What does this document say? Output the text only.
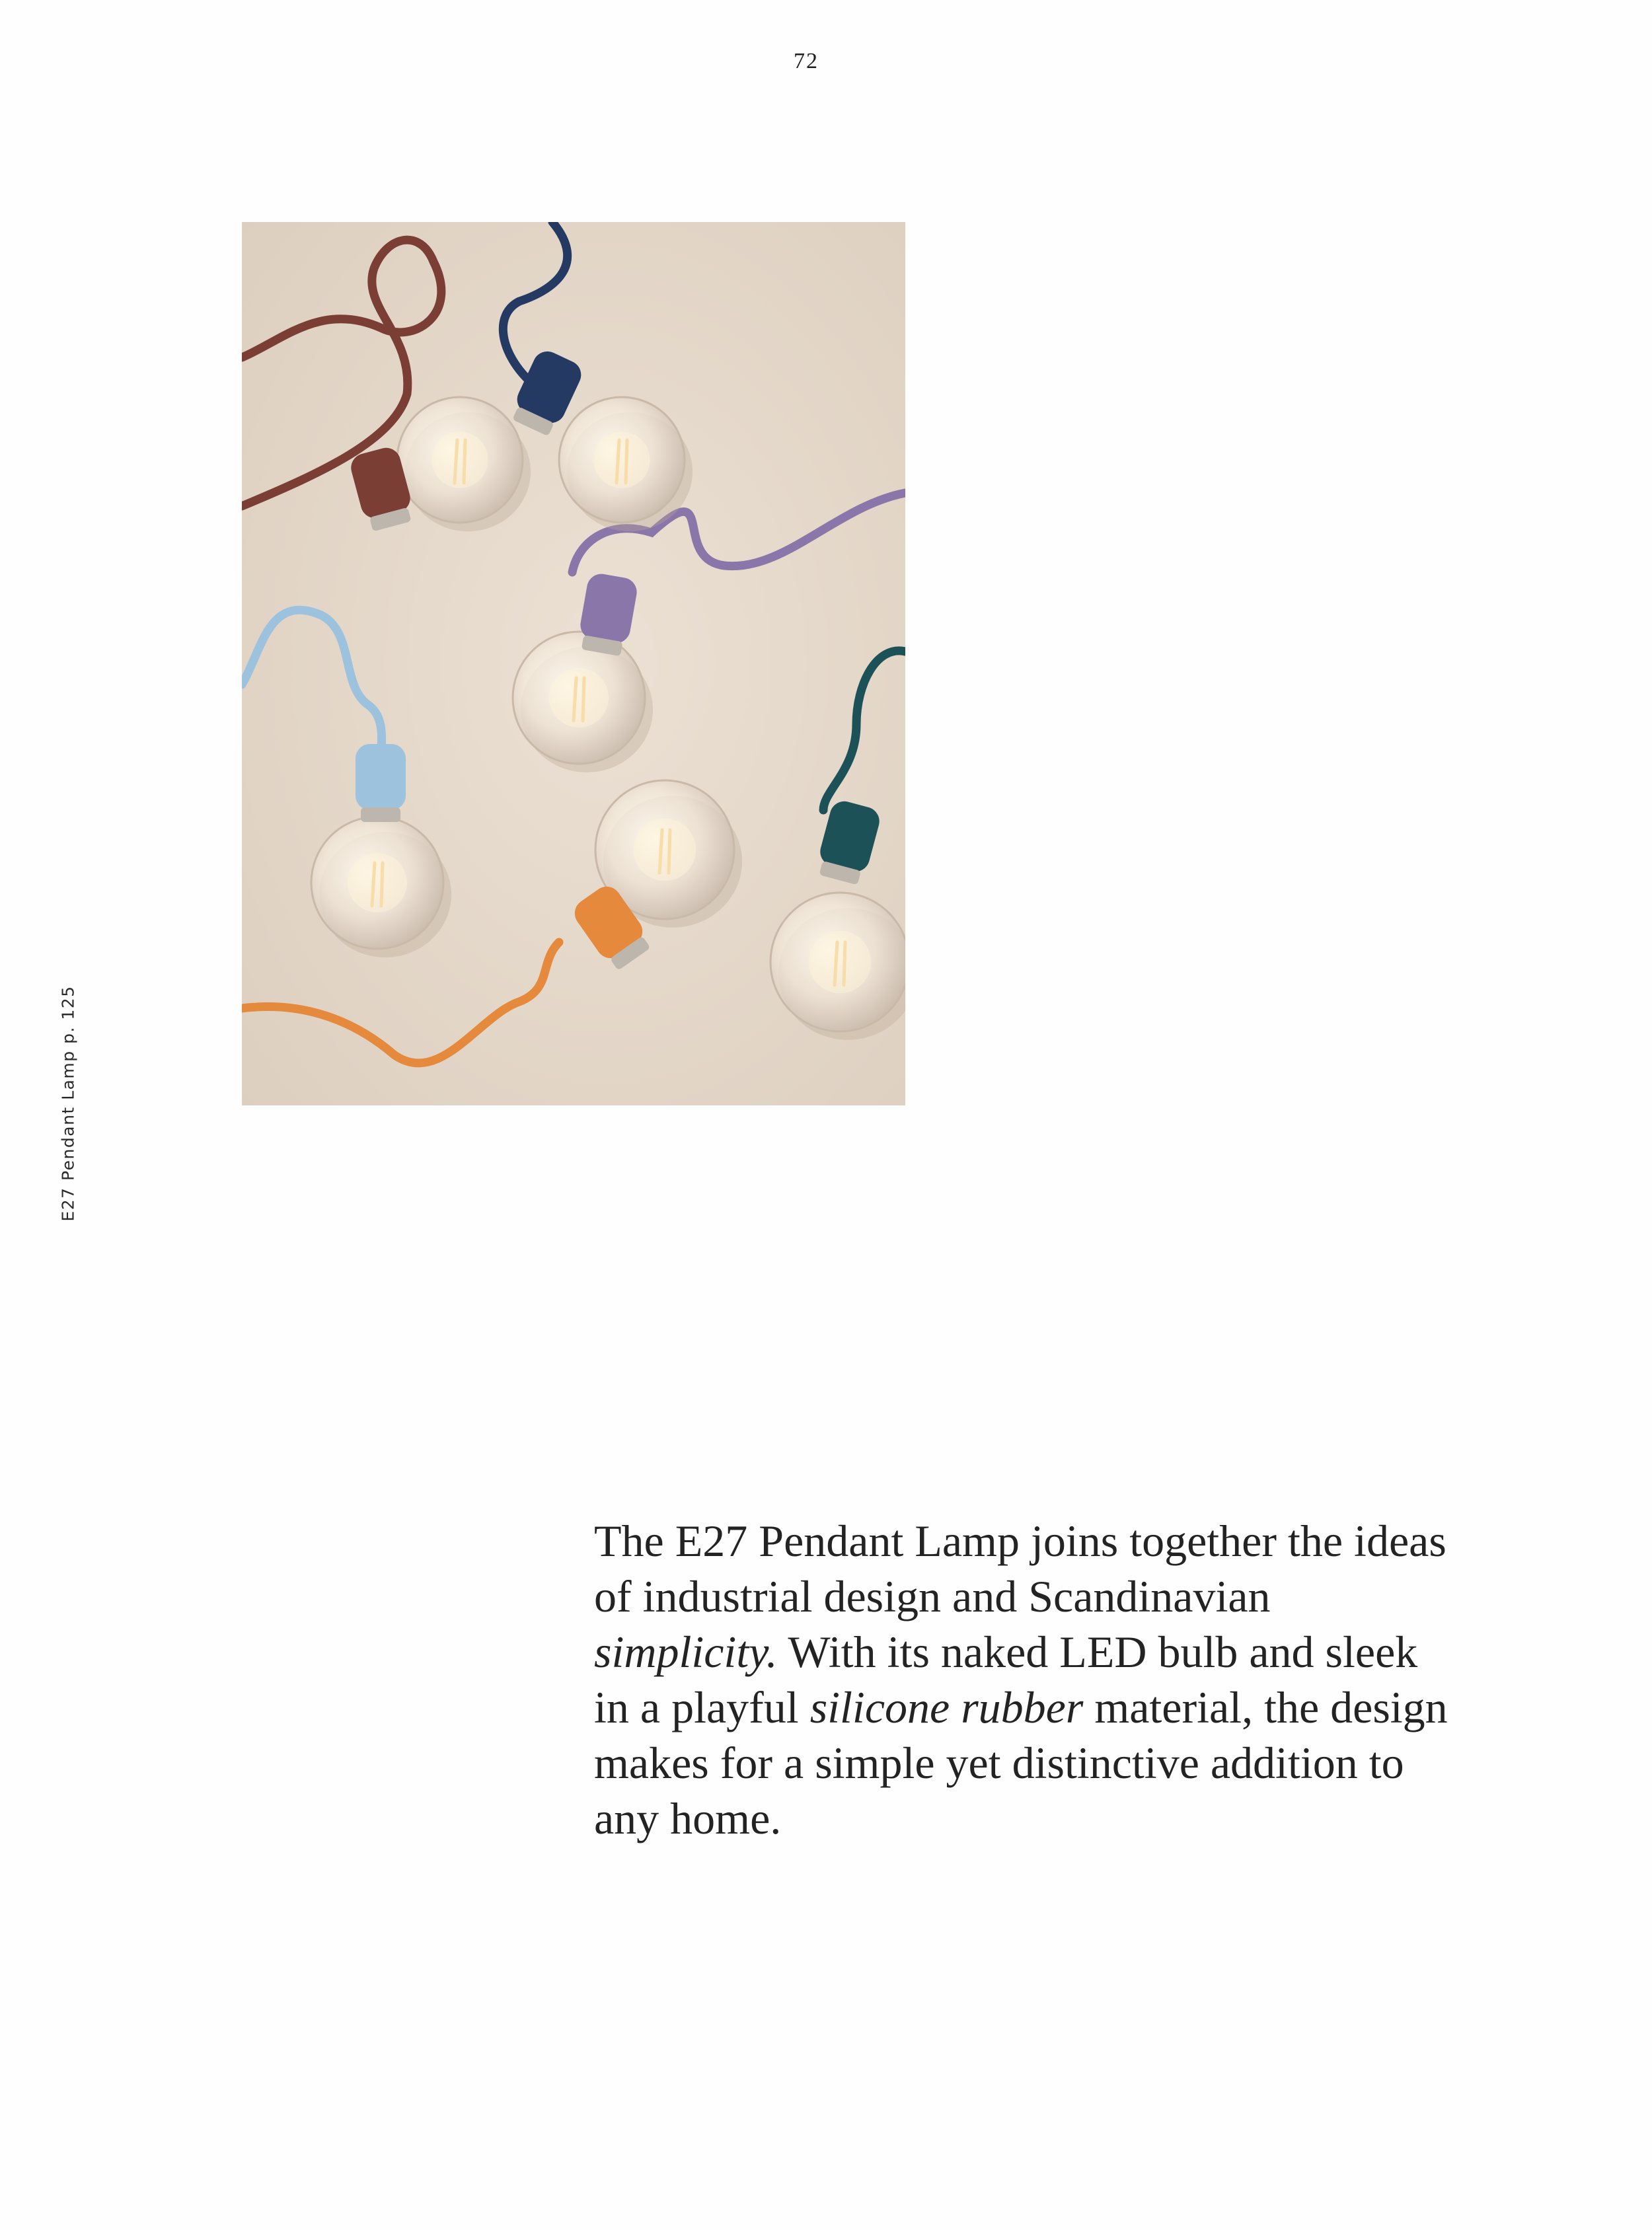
72
E27 Pendant Lamp p. 125

The E27 Pendant Lamp joins together the ideas of industrial design and Scandinavian simplicity. With its naked LED bulb and sleek in a playful silicone rubber material, the design makes for a simple yet distinctive addition to any home.
